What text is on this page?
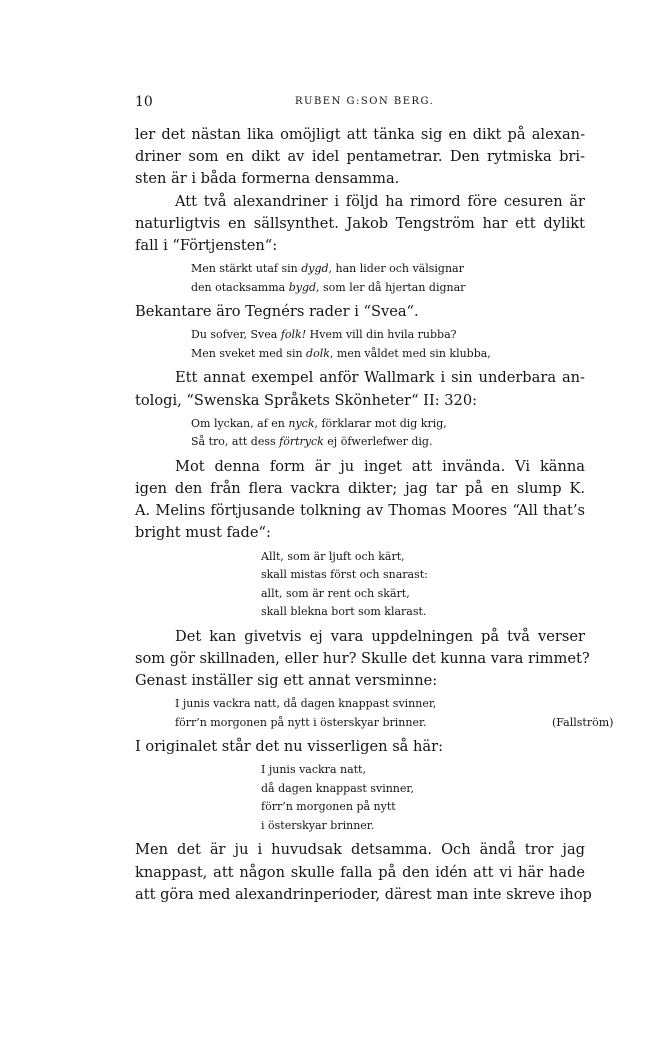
10	RUBEN G:SON BERG.

ler det nästan lika omöjligt att tänka sig en dikt på alexan-
driner som en dikt av idel pentametrar. Den rytmiska bri-
sten är i båda formerna densamma.

Att två alexandriner i följd ha rimord före cesuren är
naturligtvis en sällsynthet. Jakob Tengström har ett dylikt
fall i “Förtjensten“:

Men stärkt utaf sin dygd, han lider och välsignar
den otacksamma bygd, som ler då hjertan dignar

Bekantare äro Tegnérs rader i “Svea“.

Du sofver, Svea folk! Hvem vill din hvila rubba?
Men sveket med sin dolk, men våldet med sin klubba,

Ett annat exempel anför Wallmark i sin underbara an-
tologi, “Swenska Språkets Skönheter“ II: 320:

Om lyckan, af en nyck, förklarar mot dig krig,
Så tro, att dess förtryck ej öfwerlefwer dig.

Mot denna form är ju inget att invända. Vi känna
igen den från flera vackra dikter; jag tar på en slump K.
A. Melins förtjusande tolkning av Thomas Moores “All that’s
bright must fade“:

Allt, som är ljuft och kärt,
skall mistas först och snarast:
allt, som är rent och skärt,
skall blekna bort som klarast.

Det kan givetvis ej vara uppdelningen på två verser
som gör skillnaden, eller hur? Skulle det kunna vara rimmet?
Genast inställer sig ett annat versminne:

I junis vackra natt, då dagen knappast svinner,
förr’n morgonen på nytt i österskyar brinner.	(Fallström)

I originalet står det nu visserligen så här:

I junis vackra natt,
då dagen knappast svinner,
förr’n morgonen på nytt
i österskyar brinner.

Men det är ju i huvudsak detsamma. Och ändå tror jag
knappast, att någon skulle falla på den idén att vi här hade
att göra med alexandrinperioder, därest man inte skreve ihop
